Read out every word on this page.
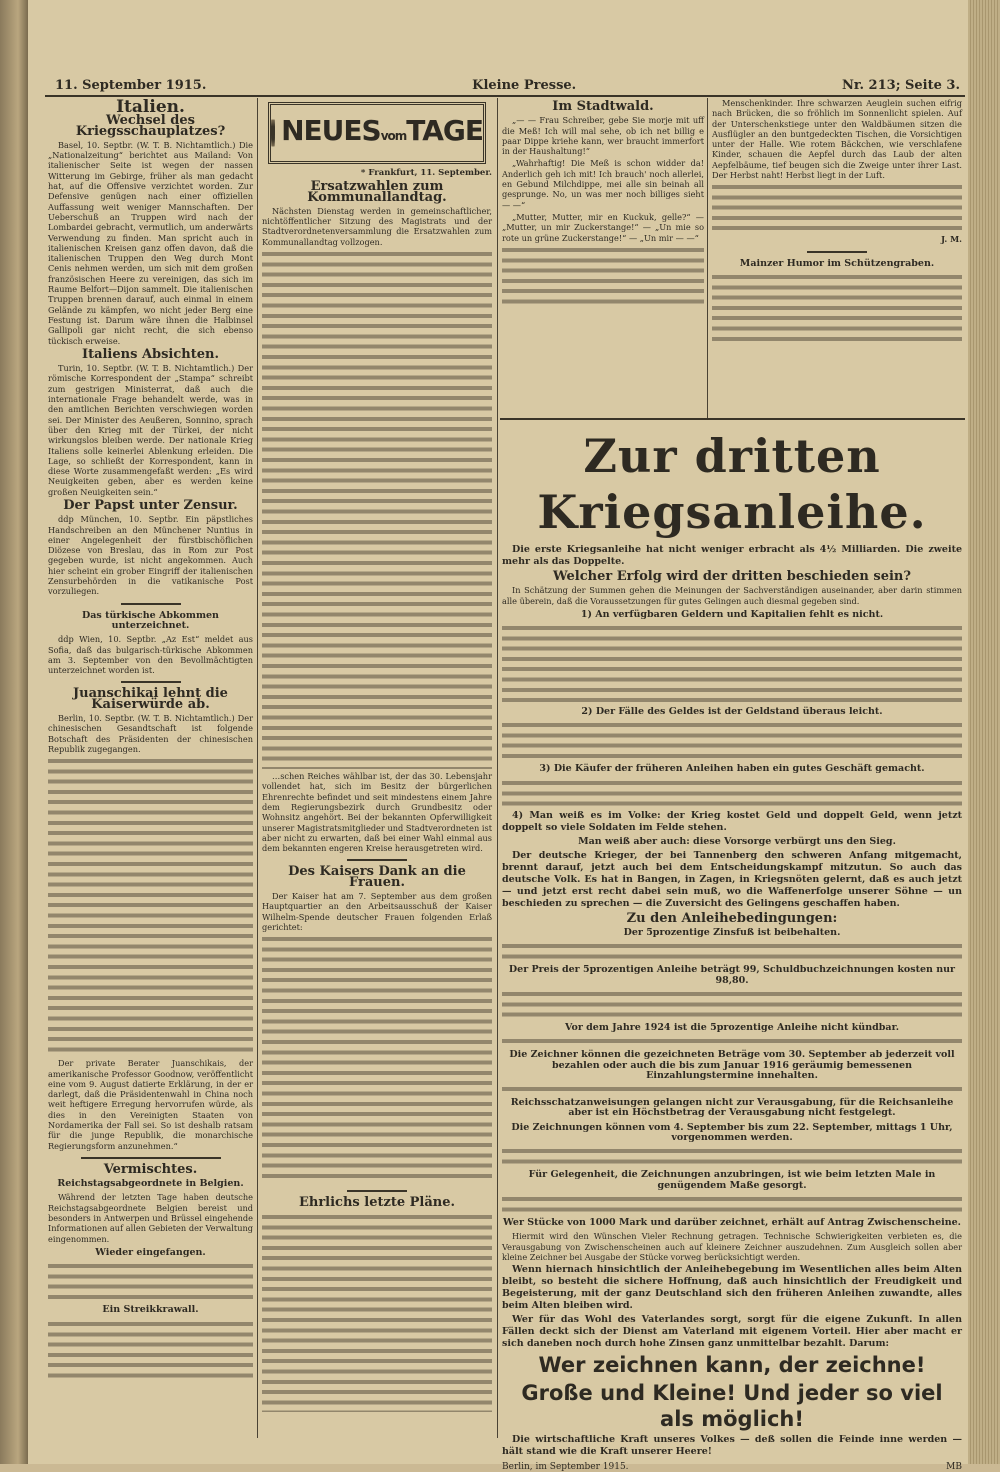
11. September 1915.	Kleine Presse.	Nr. 213; Seite 3.
Italien.
Wechsel des Kriegsschauplatzes?

Basel, 10. Septbr. (W. T. B. Nichtamtlich.) Die „Nationalzeitung“ berichtet aus Mailand: Von italienischer Seite ist wegen der nassen Witterung im Gebirge, früher als man gedacht hat, auf die Offensive verzichtet worden. Zur Defensive genügen nach einer offiziellen Auffassung weit weniger Mannschaften. Der Ueberschuß an Truppen wird nach der Lombardei gebracht, vermutlich, um anderwärts Verwendung zu finden. Man spricht auch in italienischen Kreisen ganz offen davon, daß die italienischen Truppen den Weg durch Mont Cenis nehmen werden, um sich mit dem großen französischen Heere zu vereinigen, das sich im Raume Belfort—Dijon sammelt. Die italienischen Truppen brennen darauf, auch einmal in einem Gelände zu kämpfen, wo nicht jeder Berg eine Festung ist. Darum wäre ihnen die Halbinsel Gallipoli gar nicht recht, die sich ebenso tückisch erweise.

Italiens Absichten.

Turin, 10. Septbr. (W. T. B. Nichtamtlich.) Der römische Korrespondent der „Stampa“ schreibt zum gestrigen Ministerrat, daß auch die internationale Frage behandelt werde, was in den amtlichen Berichten verschwiegen worden sei. Der Minister des Aeußeren, Sonnino, sprach über den Krieg mit der Türkei, der nicht wirkungslos bleiben werde. Der nationale Krieg Italiens solle keinerlei Ablenkung erleiden. Die Lage, so schließt der Korrespondent, kann in diese Worte zusammengefaßt werden: „Es wird Neuigkeiten geben, aber es werden keine großen Neuigkeiten sein.“

Der Papst unter Zensur.

ddp München, 10. Septbr. Ein päpstliches Handschreiben an den Münchener Nuntius in einer Angelegenheit der fürstbischöflichen Diözese von Breslau, das in Rom zur Post gegeben wurde, ist nicht angekommen. Auch hier scheint ein grober Eingriff der italienischen Zensurbehörden in die vatikanische Post vorzuliegen.

Das türkische Abkommen unterzeichnet.

ddp Wien, 10. Septbr. „Az Est“ meldet aus Sofia, daß das bulgarisch-türkische Abkommen am 3. September von den Bevollmächtigten unterzeichnet worden ist.

Juanschikai lehnt die Kaiserwürde ab.

Berlin, 10. Septbr. (W. T. B. Nichtamtlich.) Der chinesischen Gesandtschaft ist folgende Botschaft des Präsidenten der chinesischen Republik zugegangen.

Der private Berater Juanschikais, der amerikanische Professor Goodnow, veröffentlicht eine vom 9. August datierte Erklärung, in der er darlegt, daß die Präsidentenwahl in China noch weit heftigere Erregung hervorrufen würde, als dies in den Vereinigten Staaten von Nordamerika der Fall sei. So ist deshalb ratsam für die junge Republik, die monarchische Regierungsform anzunehmen.“

Vermischtes.
Reichstagsabgeordnete in Belgien.

Während der letzten Tage haben deutsche Reichstagsabgeordnete Belgien bereist und besonders in Antwerpen und Brüssel eingehende Informationen auf allen Gebieten der Verwaltung eingenommen.

Wieder eingefangen.
Ein Streikkrawall.
NEUESvomTAGE
* Frankfurt, 11. September.
Ersatzwahlen zum Kommunallandtag.

Nächsten Dienstag werden in gemeinschaftlicher, nichtöffentlicher Sitzung des Magistrats und der Stadtverordnetenversammlung die Ersatzwahlen zum Kommunallandtag vollzogen.

…schen Reiches wählbar ist, der das 30. Lebensjahr vollendet hat, sich im Besitz der bürgerlichen Ehrenrechte befindet und seit mindestens einem Jahre dem Regierungsbezirk durch Grundbesitz oder Wohnsitz angehört. Bei der bekannten Opferwilligkeit unserer Magistratsmitglieder und Stadtverordneten ist aber nicht zu erwarten, daß bei einer Wahl einmal aus dem bekannten engeren Kreise herausgetreten wird.

Des Kaisers Dank an die Frauen.

Der Kaiser hat am 7. September aus dem großen Hauptquartier an den Arbeitsausschuß der Kaiser Wilhelm-Spende deutscher Frauen folgenden Erlaß gerichtet:

Ehrlichs letzte Pläne.
Im Stadtwald.

„— — Frau Schreiber, gebe Sie morje mit uff die Meß! Ich will mal sehe, ob ich net billig e paar Dippe kriehe kann, wer braucht immerfort in der Haushaltung!“

„Wahrhaftig! Die Meß is schon widder da! Anderlich geh ich mit! Ich brauch' noch allerlei, en Gebund Milchdippe, mei alle sin beinah all gesprunge. No, un was mer noch billiges sieht — —“

„Mutter, Mutter, mir en Kuckuk, gelle?“ — „Mutter, un mir Zuckerstange!“ — „Un mie so rote un grüne Zuckerstange!“ — „Un mir — —“

Menschenkinder. Ihre schwarzen Aeuglein suchen eifrig nach Brücken, die so fröhlich im Sonnenlicht spielen. Auf der Unterschenkstiege unter den Waldbäumen sitzen die Ausflügler an den buntgedeckten Tischen, die Vorsichtigen unter der Halle. Wie rotem Bäckchen, wie verschlafene Kinder, schauen die Aepfel durch das Laub der alten Aepfelbäume, tief beugen sich die Zweige unter ihrer Last. Der Herbst naht! Herbst liegt in der Luft.

J. M.
Mainzer Humor im Schützengraben.
Zur dritten Kriegsanleihe.

Die erste Kriegsanleihe hat nicht weniger erbracht als 4½ Milliarden. Die zweite mehr als das Doppelte.

Welcher Erfolg wird der dritten beschieden sein?

In Schätzung der Summen gehen die Meinungen der Sachverständigen auseinander, aber darin stimmen alle überein, daß die Voraussetzungen für gutes Gelingen auch diesmal gegeben sind.

1) An verfügbaren Geldern und Kapitalien fehlt es nicht.
2) Der Fälle des Geldes ist der Geldstand überaus leicht.
3) Die Käufer der früheren Anleihen haben ein gutes Geschäft gemacht.

4) Man weiß es im Volke: der Krieg kostet Geld und doppelt Geld, wenn jetzt doppelt so viele Soldaten im Felde stehen.

Man weiß aber auch: diese Vorsorge verbürgt uns den Sieg.

Der deutsche Krieger, der bei Tannenberg den schweren Anfang mitgemacht, brennt darauf, jetzt auch bei dem Entscheidungskampf mitzutun. So auch das deutsche Volk. Es hat in Bangen, in Zagen, in Kriegsnöten gelernt, daß es auch jetzt — und jetzt erst recht dabei sein muß, wo die Waffenerfolge unserer Söhne — un beschieden zu sprechen — die Zuversicht des Gelingens geschaffen haben.

Zu den Anleihebedingungen:
Der 5prozentige Zinsfuß ist beibehalten.
Der Preis der 5prozentigen Anleihe beträgt 99, Schuldbuchzeichnungen kosten nur 98,80.
Vor dem Jahre 1924 ist die 5prozentige Anleihe nicht kündbar.
Die Zeichner können die gezeichneten Beträge vom 30. September ab jederzeit voll bezahlen oder auch die bis zum Januar 1916 geräumig bemessenen Einzahlungstermine innehalten.
Reichsschatzanweisungen gelangen nicht zur Verausgabung, für die Reichsanleihe aber ist ein Höchstbetrag der Verausgabung nicht festgelegt.
Die Zeichnungen können vom 4. September bis zum 22. September, mittags 1 Uhr, vorgenommen werden.
Für Gelegenheit, die Zeichnungen anzubringen, ist wie beim letzten Male in genügendem Maße gesorgt.
Wer Stücke von 1000 Mark und darüber zeichnet, erhält auf Antrag Zwischenscheine.

Hiermit wird den Wünschen Vieler Rechnung getragen. Technische Schwierigkeiten verbieten es, die Verausgabung von Zwischenscheinen auch auf kleinere Zeichner auszudehnen. Zum Ausgleich sollen aber kleine Zeichner bei Ausgabe der Stücke vorweg berücksichtigt werden.

Wenn hiernach hinsichtlich der Anleihebegebung im Wesentlichen alles beim Alten bleibt, so besteht die sichere Hoffnung, daß auch hinsichtlich der Freudigkeit und Begeisterung, mit der ganz Deutschland sich den früheren Anleihen zuwandte, alles beim Alten bleiben wird.

Wer für das Wohl des Vaterlandes sorgt, sorgt für die eigene Zukunft. In allen Fällen deckt sich der Dienst am Vaterland mit eigenem Vorteil. Hier aber macht er sich daneben noch durch hohe Zinsen ganz unmittelbar bezahlt. Darum:

Wer zeichnen kann, der zeichne!
Große und Kleine! Und jeder so viel als möglich!

Die wirtschaftliche Kraft unseres Volkes — deß sollen die Feinde inne werden — hält stand wie die Kraft unserer Heere!

Berlin, im September 1915.	MB
